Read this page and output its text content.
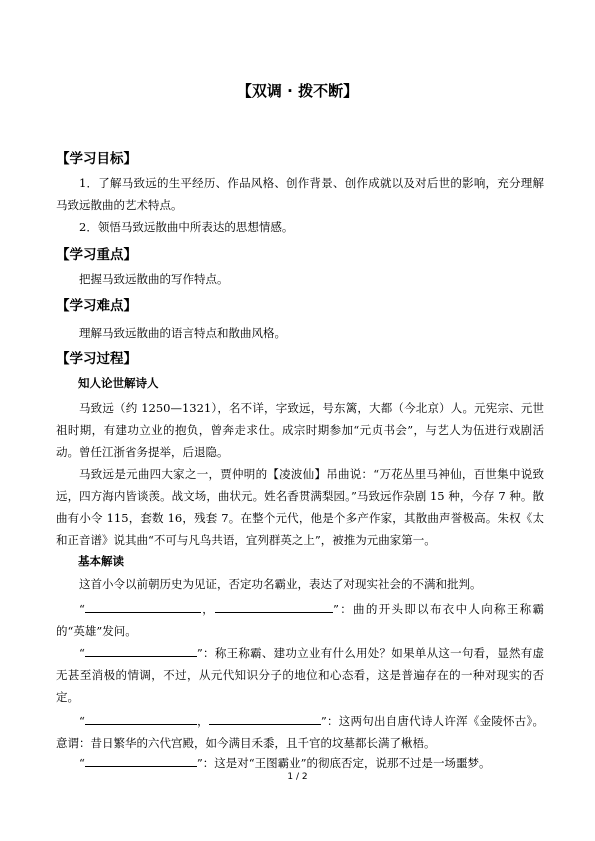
【双调 · 拨不断】
【学习目标】
1．了解马致远的生平经历、作品风格、创作背景、创作成就以及对后世的影响，充分理解马致远散曲的艺术特点。
2．领悟马致远散曲中所表达的思想情感。
【学习重点】
把握马致远散曲的写作特点。
【学习难点】
理解马致远散曲的语言特点和散曲风格。
【学习过程】
知人论世解诗人
马致远（约 1250—1321），名不详，字致远，号东篱，大都（今北京）人。元宪宗、元世祖时期，有建功立业的抱负，曾奔走求仕。成宗时期参加“元贞书会”，与艺人为伍进行戏剧活动。曾任江浙省务提举，后退隐。
马致远是元曲四大家之一，贾仲明的【凌波仙】吊曲说：“万花丛里马神仙，百世集中说致远，四方海内皆谈羡。战文场，曲状元。姓名香贯满梨园。”马致远作杂剧 15 种，今存 7 种。散曲有小令 115，套数 16，残套 7。在整个元代，他是个多产作家，其散曲声誉极高。朱权《太和正音谱》说其曲“不可与凡鸟共语，宜列群英之上”，被推为元曲家第一。
基本解读
这首小令以前朝历史为见证，否定功名霸业，表达了对现实社会的不满和批判。
“	，	”：曲的开头即以布衣中人向称王称霸的“英雄”发问。
“	”：称王称霸、建功立业有什么用处？如果单从这一句看，显然有虚无甚至消极的情调，不过，从元代知识分子的地位和心态看，这是普遍存在的一种对现实的否定。
“	，	”：这两句出自唐代诗人许浑《金陵怀古》。意谓：昔日繁华的六代宫殿，如今满目禾黍，且千官的坟墓都长满了楸梧。
“	”：这是对“王图霸业”的彻底否定，说那不过是一场噩梦。
1 / 2
